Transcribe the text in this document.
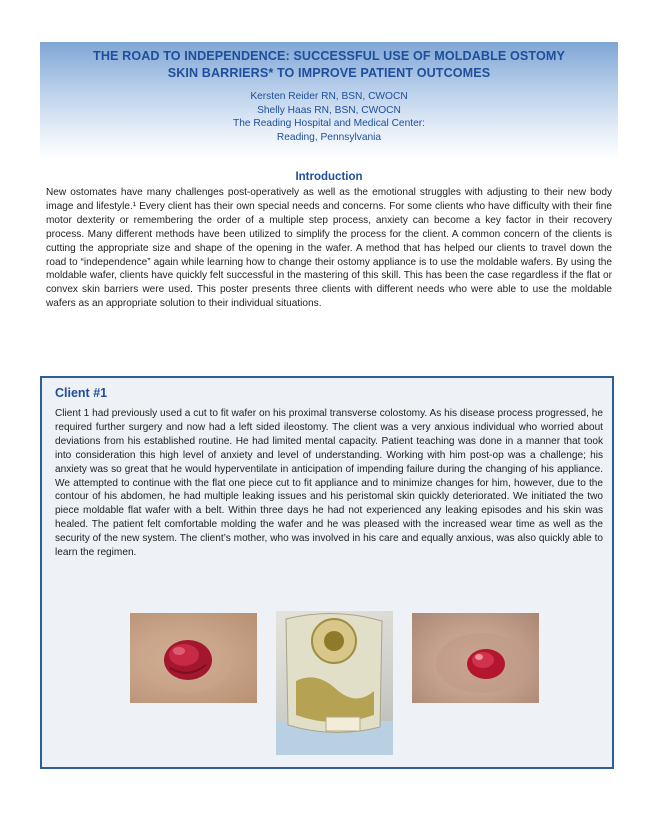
THE ROAD TO INDEPENDENCE: SUCCESSFUL USE OF MOLDABLE OSTOMY
SKIN BARRIERS* TO IMPROVE PATIENT OUTCOMES
Kersten Reider RN, BSN, CWOCN
Shelly Haas RN, BSN, CWOCN
The Reading Hospital and Medical Center:
Reading, Pennsylvania
Introduction

New ostomates have many challenges post-operatively as well as the emotional struggles with adjusting to their new body image and lifestyle.¹ Every client has their own special needs and concerns. For some clients who have difficulty with their fine motor dexterity or remembering the order of a multiple step process, anxiety can become a key factor in their recovery process. Many different methods have been utilized to simplify the process for the client. A common concern of the clients is cutting the appropriate size and shape of the opening in the wafer. A method that has helped our clients to travel down the road to “independence” again while learning how to change their ostomy appliance is to use the moldable wafers. By using the moldable wafer, clients have quickly felt successful in the mastering of this skill. This has been the case regardless if the flat or convex skin barriers were used. This poster presents three clients with different needs who were able to use the moldable wafers as an appropriate solution to their individual situations.

Client #1

Client 1 had previously used a cut to fit wafer on his proximal transverse colostomy. As his disease process progressed, he required further surgery and now had a left sided ileostomy. The client was a very anxious individual who worried about deviations from his established routine. He had limited mental capacity. Patient teaching was done in a manner that took into consideration this high level of anxiety and level of understanding. Working with him post-op was a challenge; his anxiety was so great that he would hyperventilate in anticipation of impending failure during the changing of his appliance. We attempted to continue with the flat one piece cut to fit appliance and to minimize changes for him, however, due to the contour of his abdomen, he had multiple leaking issues and his peristomal skin quickly deteriorated. We initiated the two piece moldable flat wafer with a belt. Within three days he had not experienced any leaking episodes and his skin was healed. The patient felt comfortable molding the wafer and he was pleased with the increased wear time as well as the security of the new system. The client’s mother, who was involved in his care and equally anxious, was also quickly able to learn the regimen.
